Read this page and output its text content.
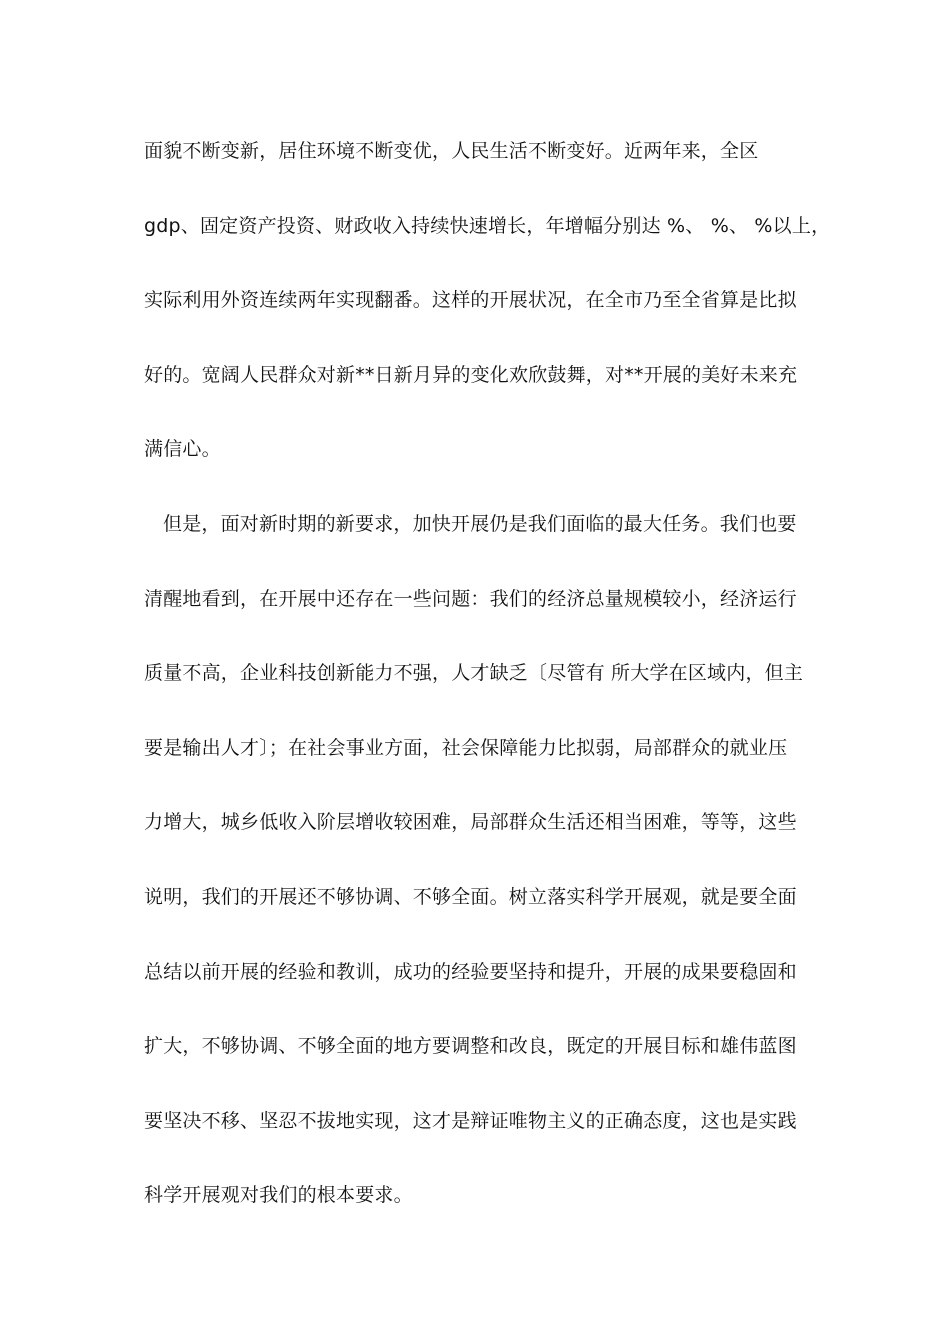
面貌不断变新，居住环境不断变优，人民生活不断变好。近两年来，全区
gdp、固定资产投资、财政收入持续快速增长，年增幅分别达 %、 %、 %以上，
实际利用外资连续两年实现翻番。这样的开展状况，在全市乃至全省算是比拟
好的。宽阔人民群众对新**日新月异的变化欢欣鼓舞，对**开展的美好未来充
满信心。
但是，面对新时期的新要求，加快开展仍是我们面临的最大任务。我们也要
清醒地看到，在开展中还存在一些问题：我们的经济总量规模较小，经济运行
质量不高，企业科技创新能力不强，人才缺乏〔尽管有 所大学在区域内，但主
要是输出人才〕；在社会事业方面，社会保障能力比拟弱，局部群众的就业压
力增大，城乡低收入阶层增收较困难，局部群众生活还相当困难，等等，这些
说明，我们的开展还不够协调、不够全面。树立落实科学开展观，就是要全面
总结以前开展的经验和教训，成功的经验要坚持和提升，开展的成果要稳固和
扩大，不够协调、不够全面的地方要调整和改良，既定的开展目标和雄伟蓝图
要坚决不移、坚忍不拔地实现，这才是辩证唯物主义的正确态度，这也是实践
科学开展观对我们的根本要求。
